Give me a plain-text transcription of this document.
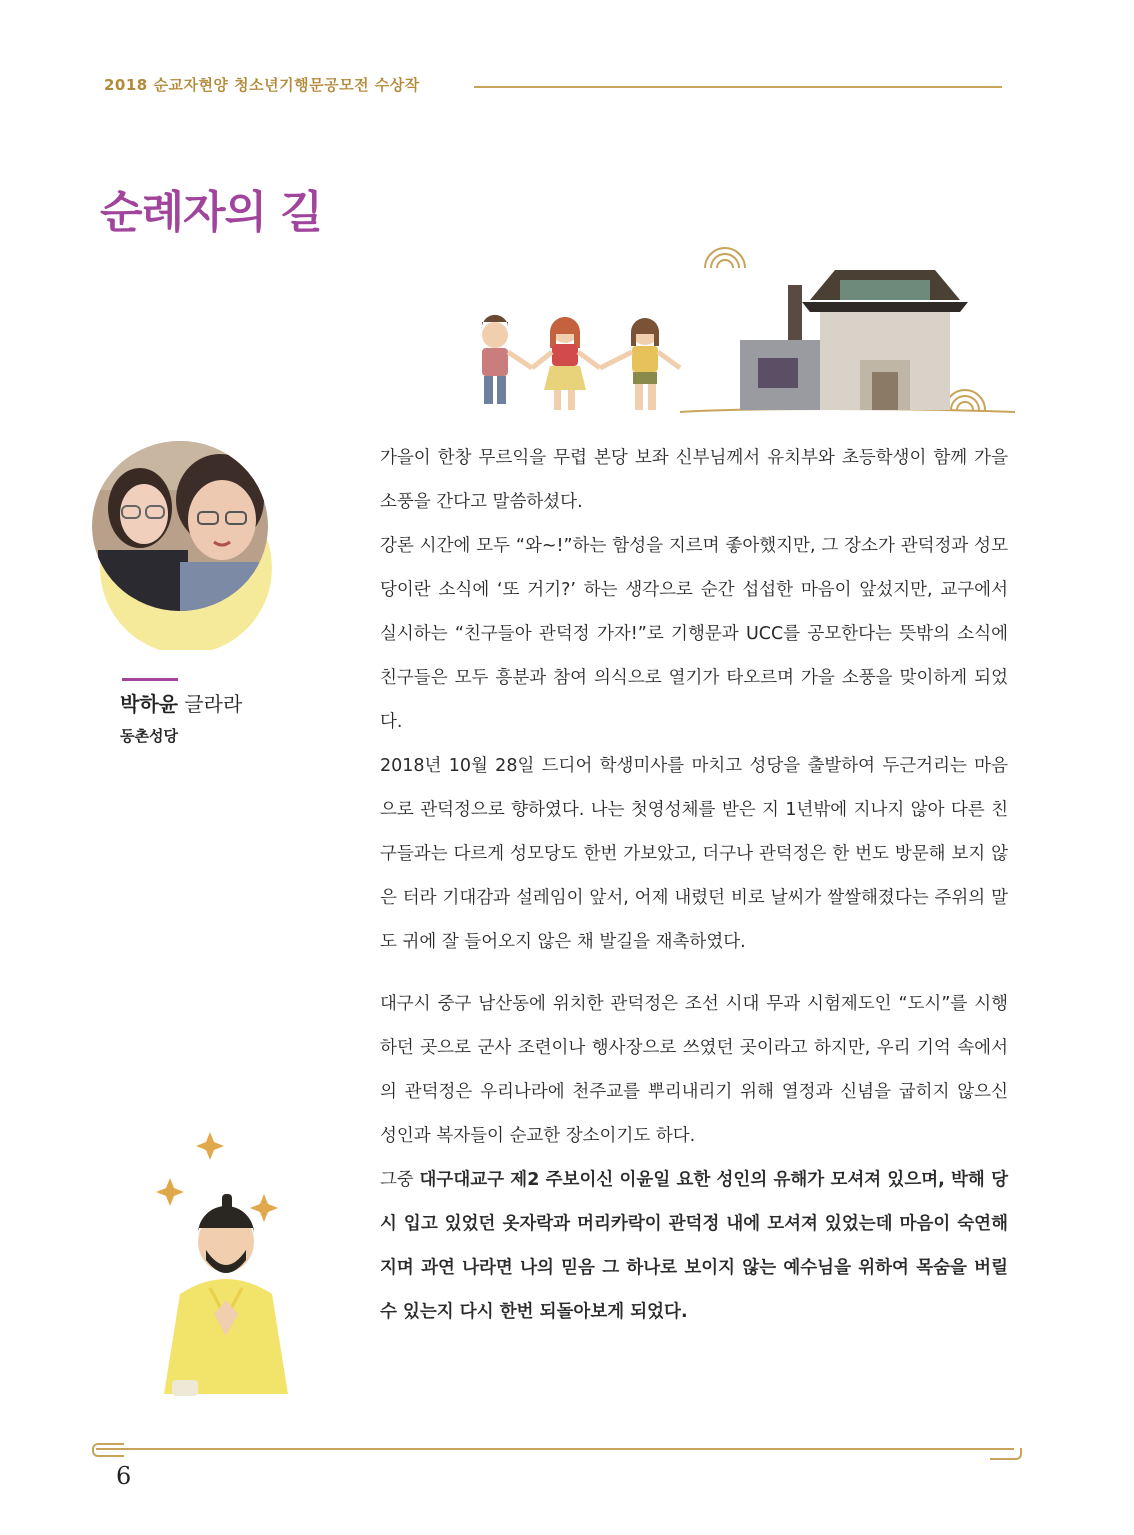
2018 순교자현양 청소년기행문공모전 수상작
순례자의 길
박하윤 글라라
동촌성당

가을이 한창 무르익을 무렵 본당 보좌 신부님께서 유치부와 초등학생이 함께 가을 소풍을 간다고 말씀하셨다.

강론 시간에 모두 “와~!”하는 함성을 지르며 좋아했지만, 그 장소가 관덕정과 성모당이란 소식에 ‘또 거기?’ 하는 생각으로 순간 섭섭한 마음이 앞섰지만, 교구에서 실시하는 “친구들아 관덕정 가자!”로 기행문과 UCC를 공모한다는 뜻밖의 소식에 친구들은 모두 흥분과 참여 의식으로 열기가 타오르며 가을 소풍을 맞이하게 되었다.

2018년 10월 28일 드디어 학생미사를 마치고 성당을 출발하여 두근거리는 마음으로 관덕정으로 향하였다. 나는 첫영성체를 받은 지 1년밖에 지나지 않아 다른 친구들과는 다르게 성모당도 한번 가보았고, 더구나 관덕정은 한 번도 방문해 보지 않은 터라 기대감과 설레임이 앞서, 어제 내렸던 비로 날씨가 쌀쌀해졌다는 주위의 말도 귀에 잘 들어오지 않은 채 발길을 재촉하였다.

대구시 중구 남산동에 위치한 관덕정은 조선 시대 무과 시험제도인 “도시”를 시행하던 곳으로 군사 조련이나 행사장으로 쓰였던 곳이라고 하지만, 우리 기억 속에서의 관덕정은 우리나라에 천주교를 뿌리내리기 위해 열정과 신념을 굽히지 않으신 성인과 복자들이 순교한 장소이기도 하다.

그중 대구대교구 제2 주보이신 이윤일 요한 성인의 유해가 모셔져 있으며, 박해 당시 입고 있었던 옷자락과 머리카락이 관덕정 내에 모셔져 있었는데 마음이 숙연해지며 과연 나라면 나의 믿음 그 하나로 보이지 않는 예수님을 위하여 목숨을 버릴 수 있는지 다시 한번 되돌아보게 되었다.

6
